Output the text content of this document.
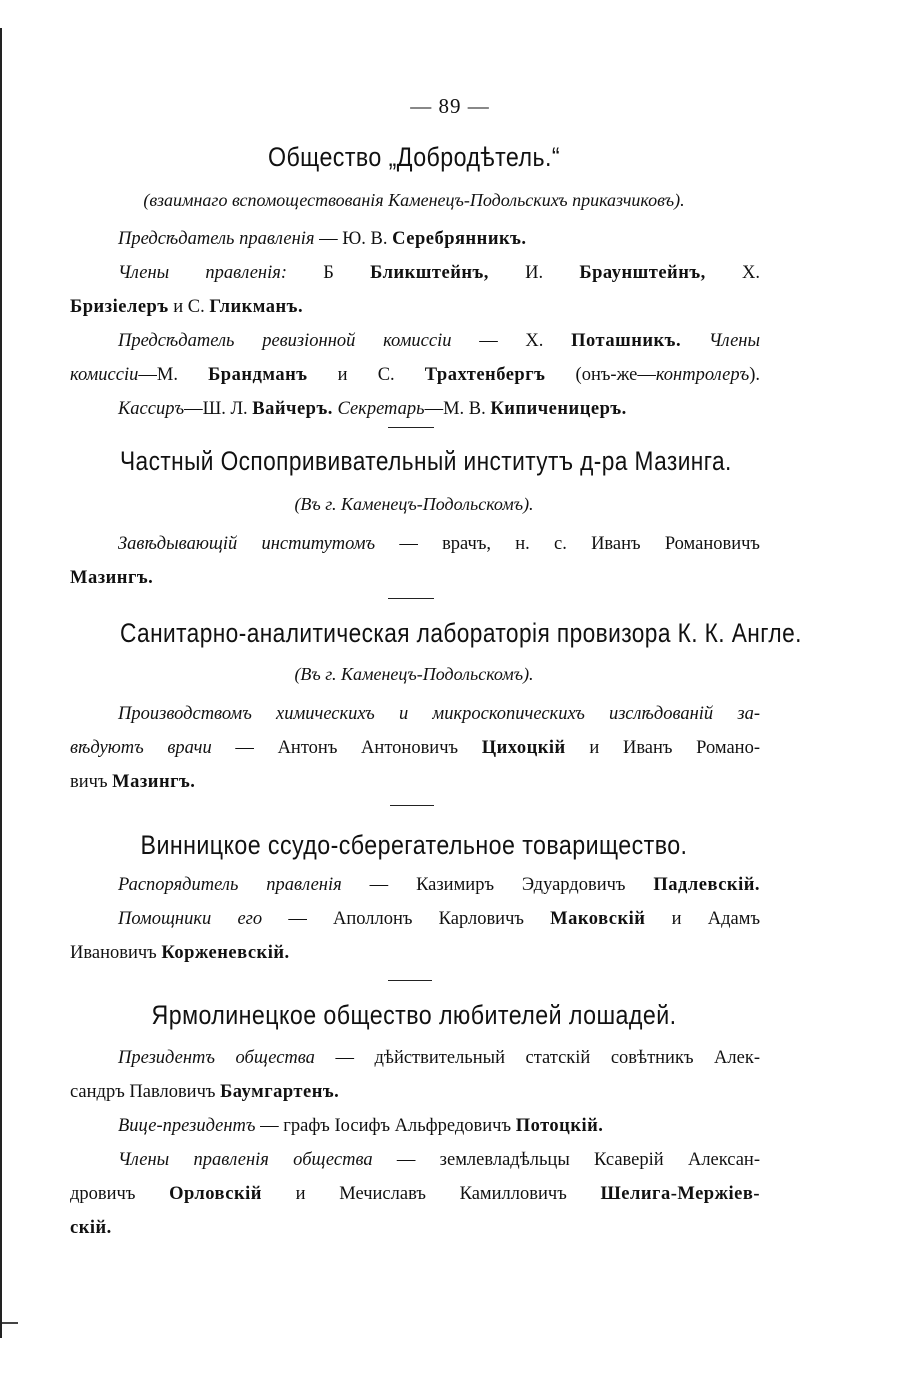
— 89 —
Общество „Добродѣтель.“
(взаимнаго вспомоществованія Каменецъ-Подольскихъ приказчиковъ).
Предсѣдатель правленія — Ю. В. Серебрянникъ.
Члены правленія: Б Бликштейнъ, И. Браунштейнъ, Х.
Бризіелеръ и С. Гликманъ.
Предсѣдатель ревизіонной комиссіи — Х. Поташникъ. Члены
комиссіи—М. Брандманъ и С. Трахтенбергъ (онъ-же—контролеръ).
Кассиръ—Ш. Л. Вайчеръ. Секретарь—М. В. Кипиченицеръ.
Частный Оспопрививательный институтъ д-ра Мазинга.
(Въ г. Каменецъ-Подольскомъ).
Завѣдывающій институтомъ — врачъ, н. с. Иванъ Романовичъ
Мазингъ.
Санитарно-аналитическая лабораторія провизора К. К. Англе.
(Въ г. Каменецъ-Подольскомъ).
Производствомъ химическихъ и микроскопическихъ изслѣдованій за-
вѣдуютъ врачи — Антонъ Антоновичъ Цихоцкій и Иванъ Романо-
вичъ Мазингъ.
Винницкое ссудо-сберегательное товарищество.
Распорядитель правленія — Казимиръ Эдуардовичъ Падлевскій.
Помощники его — Аполлонъ Карловичъ Маковскій и Адамъ
Ивановичъ Корженевскій.
Ярмолинецкое общество любителей лошадей.
Президентъ общества — дѣйствительный статскій совѣтникъ Алек-
сандръ Павловичъ Баумгартенъ.
Вице-президентъ — графъ Іосифъ Альфредовичъ Потоцкій.
Члены правленія общества — землевладѣльцы Ксаверій Алексан-
дровичъ Орловскій и Мечиславъ Камилловичъ Шелига-Мержiев-
скій.
